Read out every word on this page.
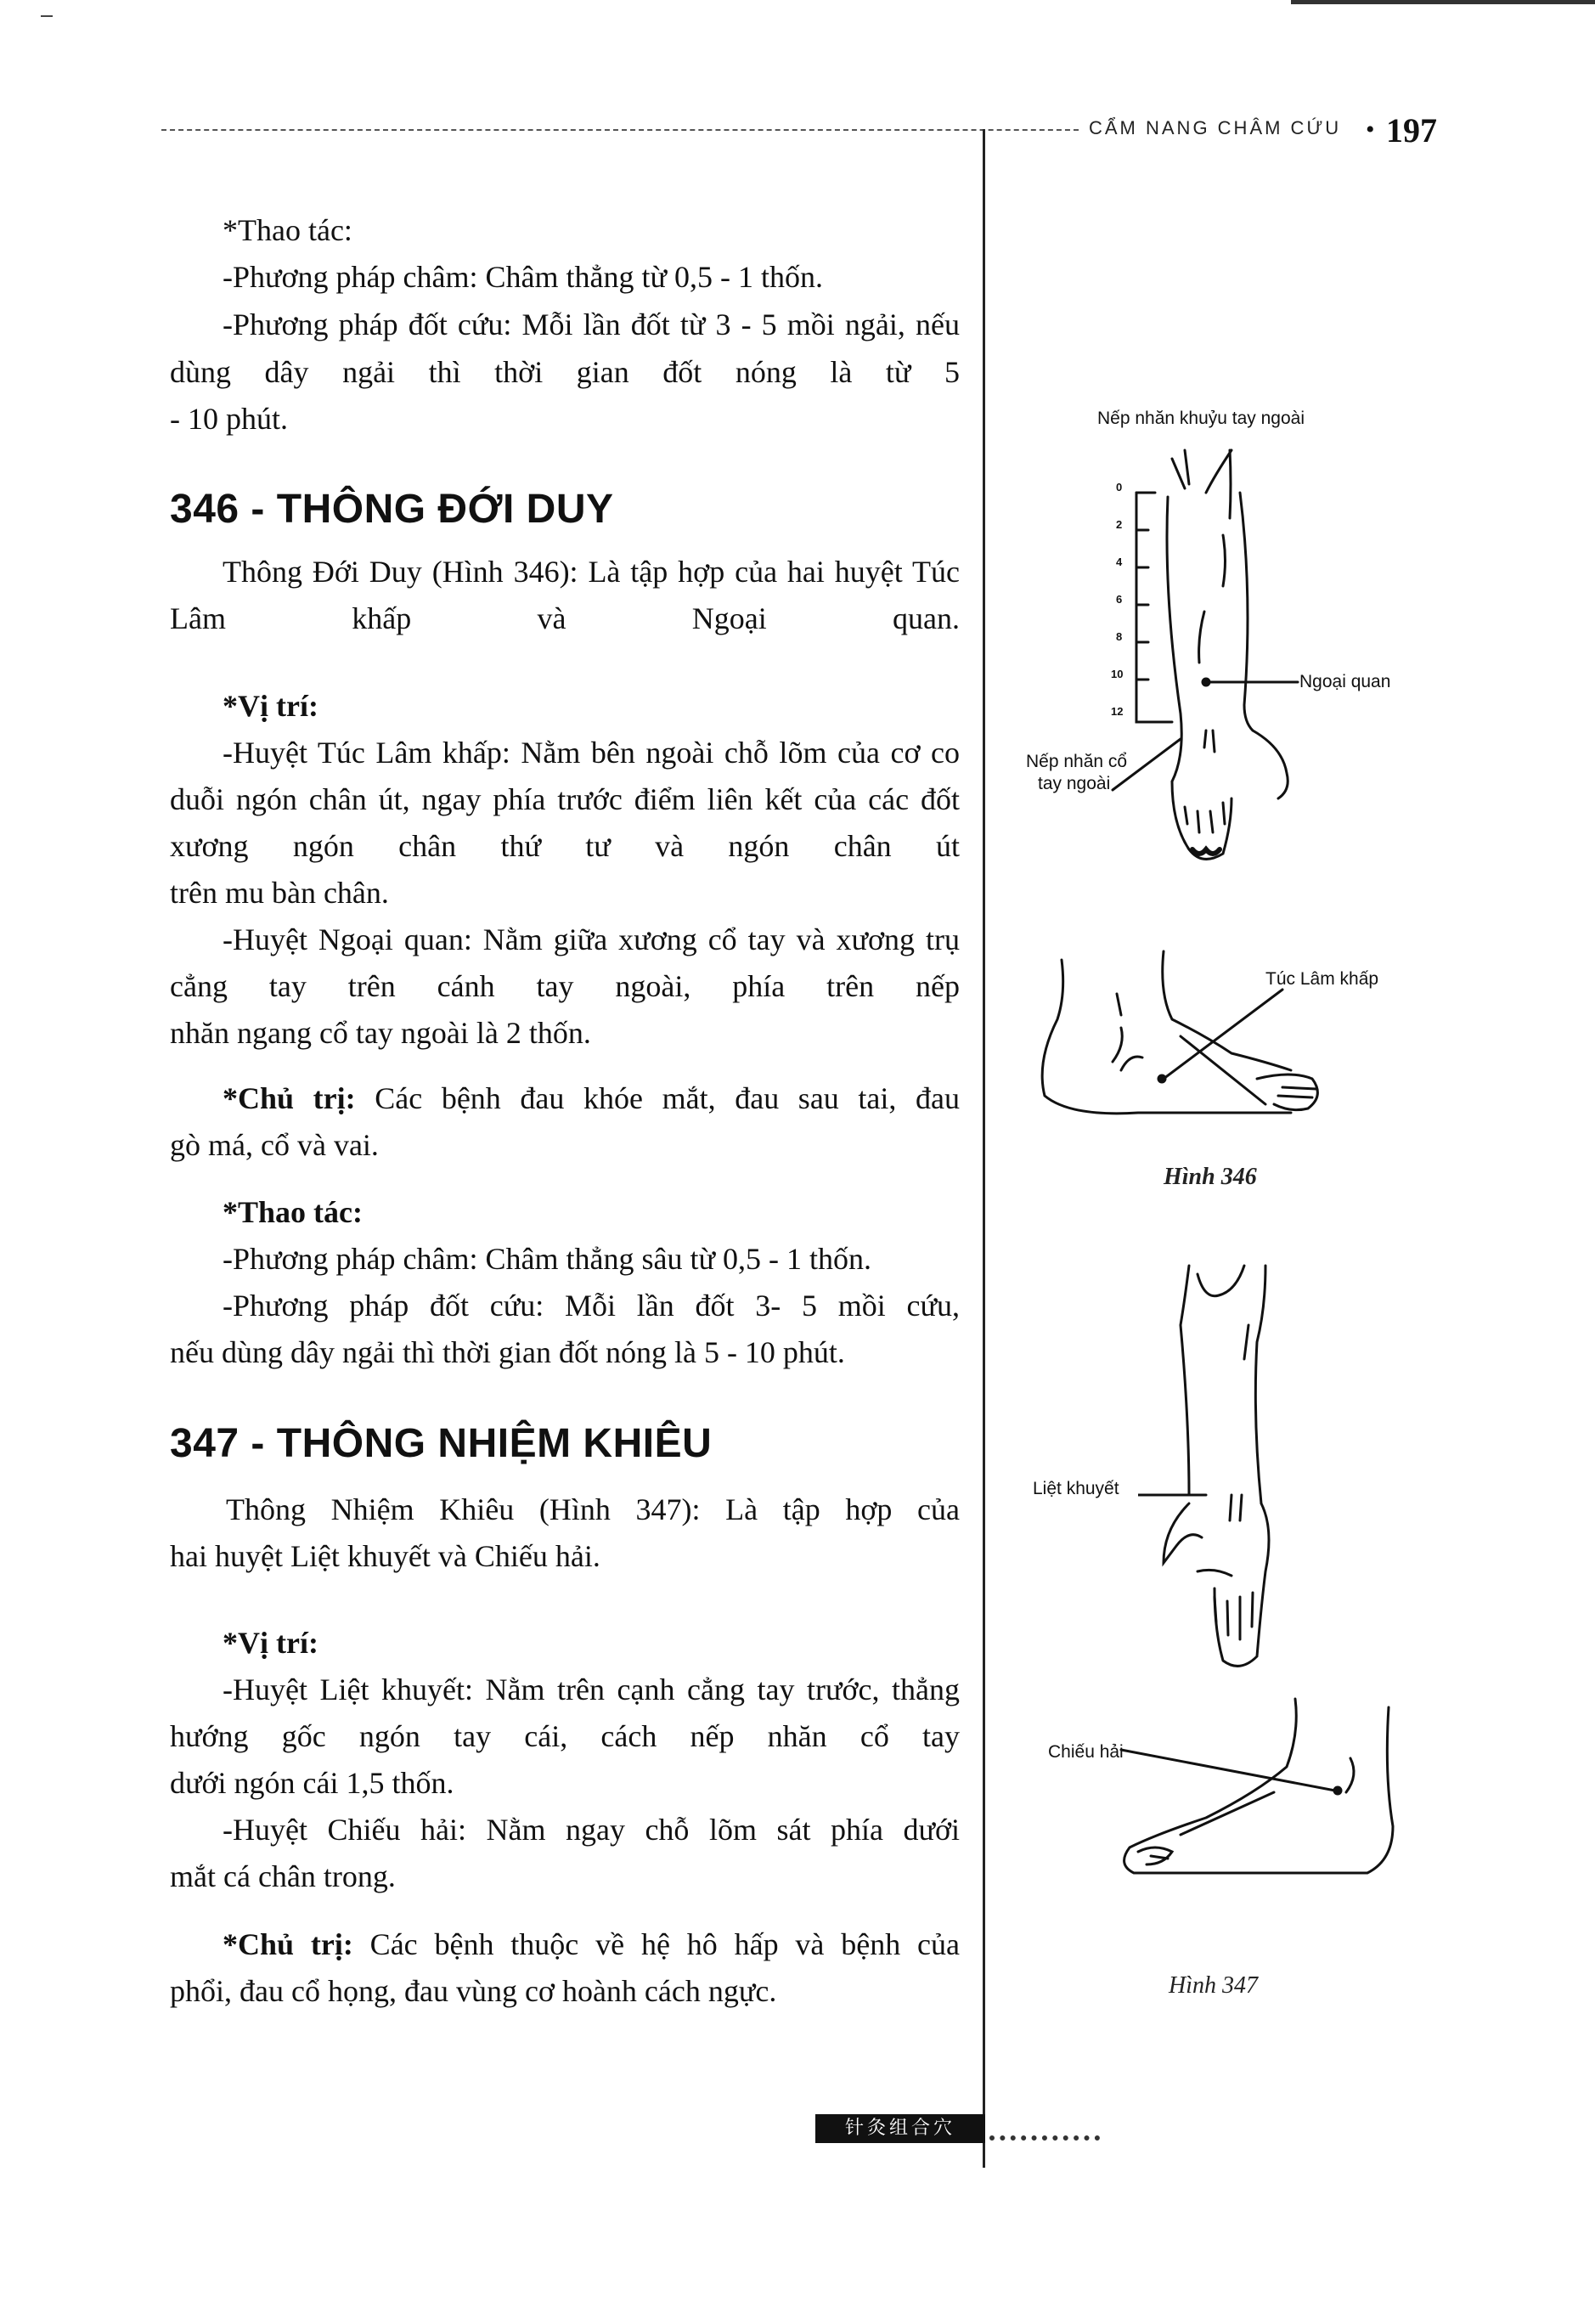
CẨM NANG CHÂM CỨU • 197

*Thao tác:

-Phương pháp châm: Châm thẳng từ 0,5 - 1 thốn.

-Phương pháp đốt cứu: Mỗi lần đốt từ 3 - 5 mồi ngải, nếu dùng dây ngải thì thời gian đốt nóng là từ 5

- 10 phút.

346 - THÔNG ĐỚI DUY

Thông Đới Duy (Hình 346): Là tập hợp của hai huyệt Túc Lâm khấp và Ngoại quan.

*Vị trí:

-Huyệt Túc Lâm khấp: Nằm bên ngoài chỗ lõm của cơ co duỗi ngón chân út, ngay phía trước điểm liên kết của các đốt xương ngón chân thứ tư và ngón chân út

trên mu bàn chân.

-Huyệt Ngoại quan: Nằm giữa xương cổ tay và xương trụ cẳng tay trên cánh tay ngoài, phía trên nếp

nhăn ngang cổ tay ngoài là 2 thốn.

*Chủ trị: Các bệnh đau khóe mắt, đau sau tai, đau

gò má, cổ và vai.

*Thao tác:

-Phương pháp châm: Châm thẳng sâu từ 0,5 - 1 thốn.

-Phương pháp đốt cứu: Mỗi lần đốt 3- 5 mồi cứu,

nếu dùng dây ngải thì thời gian đốt nóng là 5 - 10 phút.

347 - THÔNG NHIỆM KHIÊU

Thông Nhiệm Khiêu (Hình 347): Là tập hợp của

hai huyệt Liệt khuyết và Chiếu hải.

*Vị trí:

-Huyệt Liệt khuyết: Nằm trên cạnh cẳng tay trước, thẳng hướng gốc ngón tay cái, cách nếp nhăn cổ tay

dưới ngón cái 1,5 thốn.

-Huyệt Chiếu hải: Nằm ngay chỗ lõm sát phía dưới

mắt cá chân trong.

*Chủ trị: Các bệnh thuộc về hệ hô hấp và bệnh của

phổi, đau cổ họng, đau vùng cơ hoành cách ngực.

Nếp nhăn khuỷu tay ngoài
0
2
4
6
8
10
12
Ngoại quan
Nếp nhăn cổ
tay ngoài
Túc Lâm khấp
Hình 346
Liệt khuyết
Chiếu hải
Hình 347
针灸组合穴
